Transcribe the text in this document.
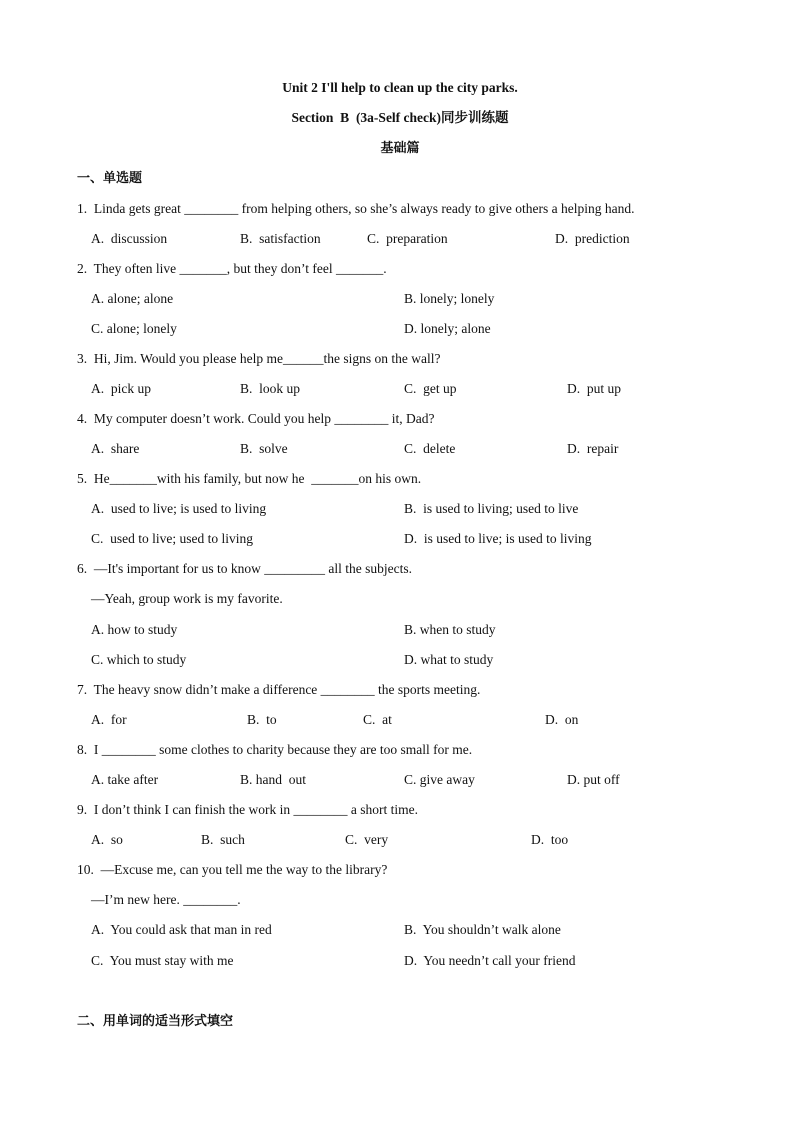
Unit 2 I'll help to clean up the city parks.
Section  B  (3a-Self check)同步训练题
基础篇
一、单选题
1.  Linda gets great ________ from helping others, so she’s always ready to give others a helping hand.
A.  discussion	B.  satisfaction	C.  preparation	D.  prediction
2.  They often live _______, but they don’t feel _______.
A. alone; alone	B. lonely; lonely
C. alone; lonely	D. lonely; alone
3.  Hi, Jim. Would you please help me______the signs on the wall?
A.  pick up	B.  look up	C.  get up	D.  put up
4.  My computer doesn’t work. Could you help ________ it, Dad?
A.  share	B.  solve	C.  delete	D.  repair
5.  He_______with his family, but now he  _______on his own.
A.  used to live; is used to living	B.  is used to living; used to live
C.  used to live; used to living	D.  is used to live; is used to living
6.  —It's important for us to know _________ all the subjects.
—Yeah, group work is my favorite.
A. how to study	B. when to study
C. which to study	D. what to study
7.  The heavy snow didn’t make a difference ________ the sports meeting.
A.  for	B.  to	C.  at	D.  on
8.  I ________ some clothes to charity because they are too small for me.
A. take after	B. hand  out	C. give away	D. put off
9.  I don’t think I can finish the work in ________ a short time.
A.  so	B.  such	C.  very	D.  too
10.  —Excuse me, can you tell me the way to the library?
—I’m new here. ________.
A.  You could ask that man in red	B.  You shouldn’t walk alone
C.  You must stay with me	D.  You needn’t call your friend
二、用单词的适当形式填空
